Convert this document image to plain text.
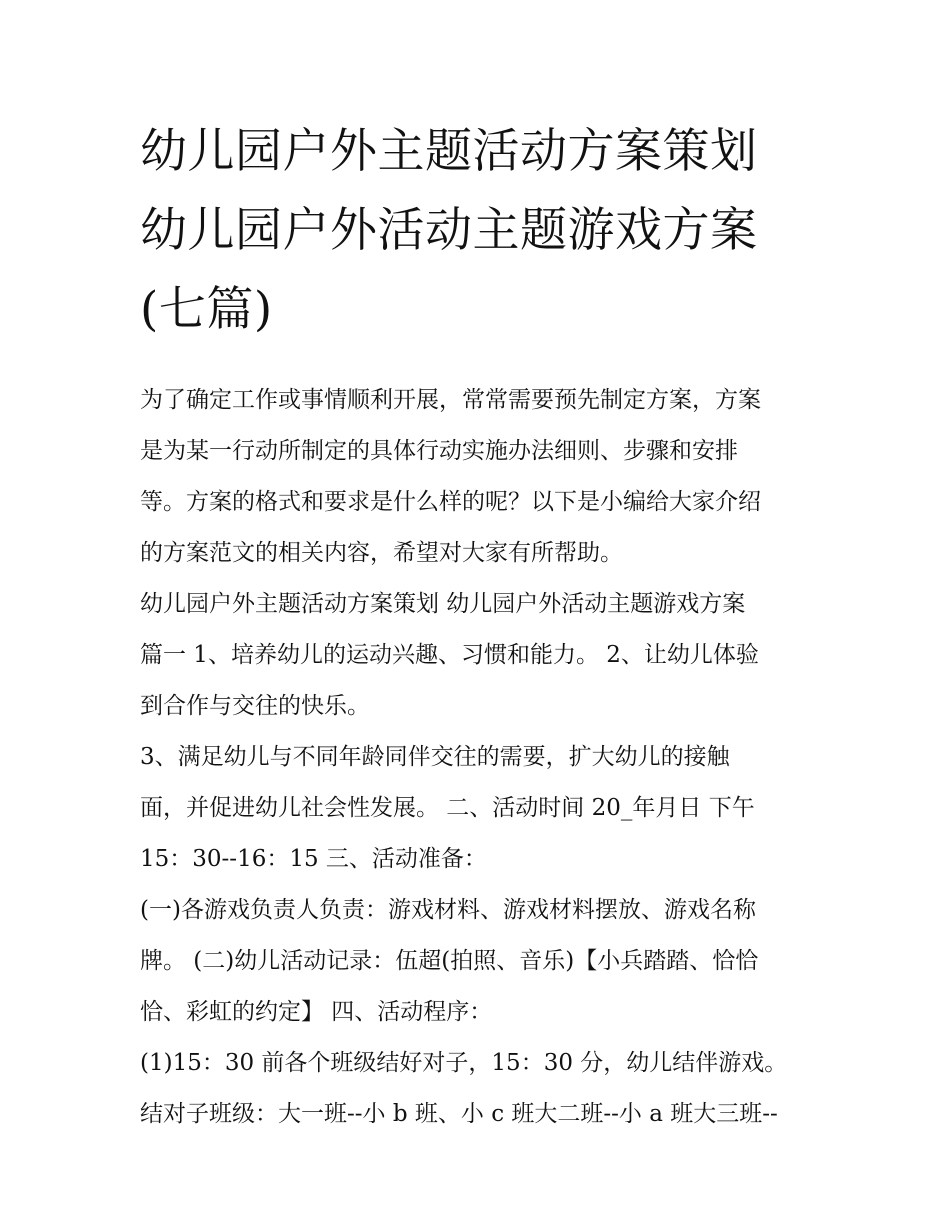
幼儿园户外主题活动方案策划
幼儿园户外活动主题游戏方案
(七篇)
为了确定工作或事情顺利开展，常常需要预先制定方案，方案
是为某一行动所制定的具体行动实施办法细则、步骤和安排
等。方案的格式和要求是什么样的呢？以下是小编给大家介绍
的方案范文的相关内容，希望对大家有所帮助。
幼儿园户外主题活动方案策划 幼儿园户外活动主题游戏方案
篇一 1、培养幼儿的运动兴趣、习惯和能力。 2、让幼儿体验
到合作与交往的快乐。
3、满足幼儿与不同年龄同伴交往的需要，扩大幼儿的接触
面，并促进幼儿社会性发展。 二、活动时间 20_年月日 下午
15：30--16：15 三、活动准备：
(一)各游戏负责人负责：游戏材料、游戏材料摆放、游戏名称
牌。 (二)幼儿活动记录：伍超(拍照、音乐)【小兵踏踏、恰恰
恰、彩虹的约定】 四、活动程序：
(1)15：30 前各个班级结好对子，15：30 分，幼儿结伴游戏。
结对子班级：大一班--小 b 班、小 c 班大二班--小 a 班大三班--
